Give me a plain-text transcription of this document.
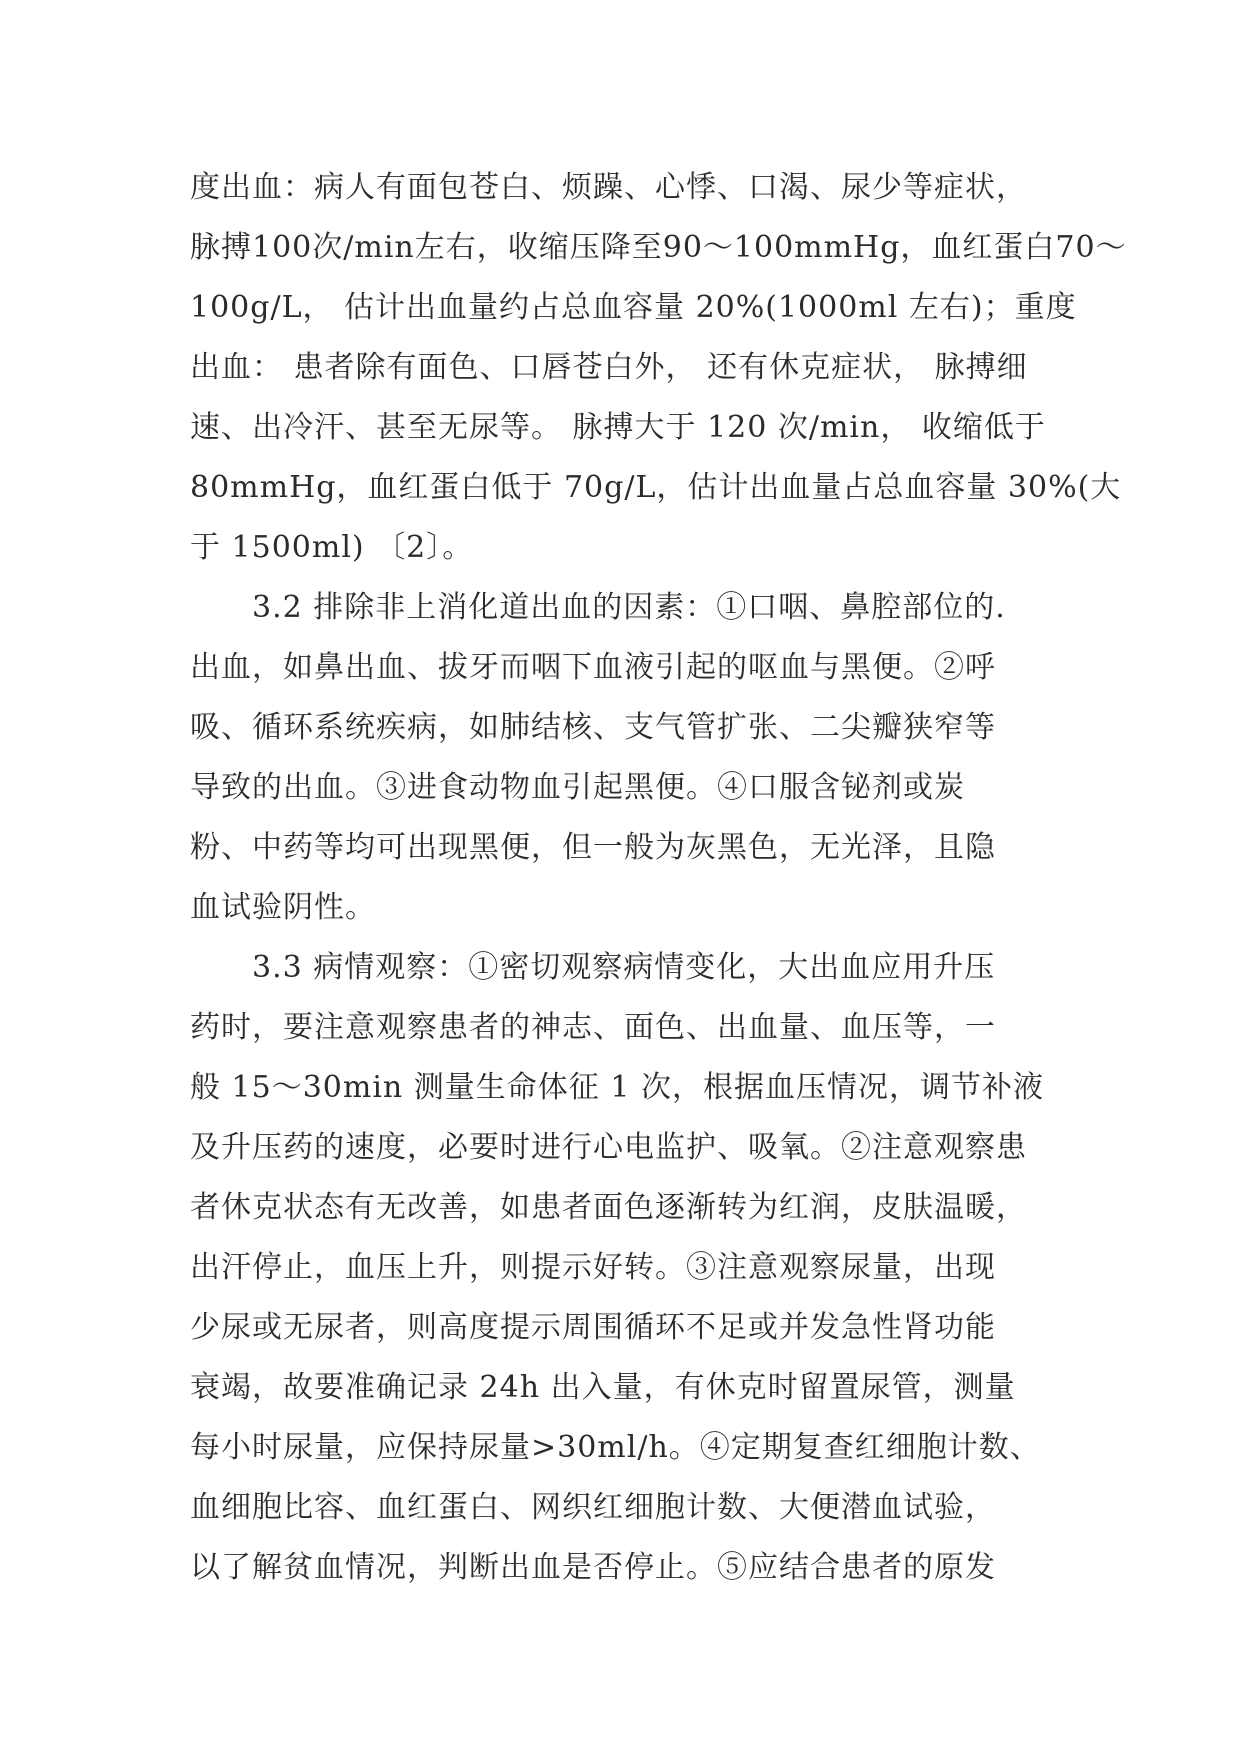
度出血：病人有面包苍白、烦躁、心悸、口渴、尿少等症状，
脉搏100次/min左右，收缩压降至90～100mmHg，血红蛋白70～
100g/L， 估计出血量约占总血容量 20%(1000ml 左右)；重度
出血： 患者除有面色、口唇苍白外， 还有休克症状， 脉搏细
速、出冷汗、甚至无尿等。 脉搏大于 120 次/min， 收缩低于
80mmHg，血红蛋白低于 70g/L，估计出血量占总血容量 30%(大
于 1500ml) 〔2〕。
　　3.2 排除非上消化道出血的因素：①口咽、鼻腔部位的.
出血，如鼻出血、拔牙而咽下血液引起的呕血与黑便。②呼
吸、循环系统疾病，如肺结核、支气管扩张、二尖瓣狭窄等
导致的出血。③进食动物血引起黑便。④口服含铋剂或炭
粉、中药等均可出现黑便，但一般为灰黑色，无光泽，且隐
血试验阴性。
　　3.3 病情观察：①密切观察病情变化，大出血应用升压
药时，要注意观察患者的神志、面色、出血量、血压等，一
般 15～30min 测量生命体征 1 次，根据血压情况，调节补液
及升压药的速度，必要时进行心电监护、吸氧。②注意观察患
者休克状态有无改善，如患者面色逐渐转为红润，皮肤温暖，
出汗停止，血压上升，则提示好转。③注意观察尿量，出现
少尿或无尿者，则高度提示周围循环不足或并发急性肾功能
衰竭，故要准确记录 24h 出入量，有休克时留置尿管，测量
每小时尿量，应保持尿量>30ml/h。④定期复查红细胞计数、
血细胞比容、血红蛋白、网织红细胞计数、大便潜血试验，
以了解贫血情况，判断出血是否停止。⑤应结合患者的原发
